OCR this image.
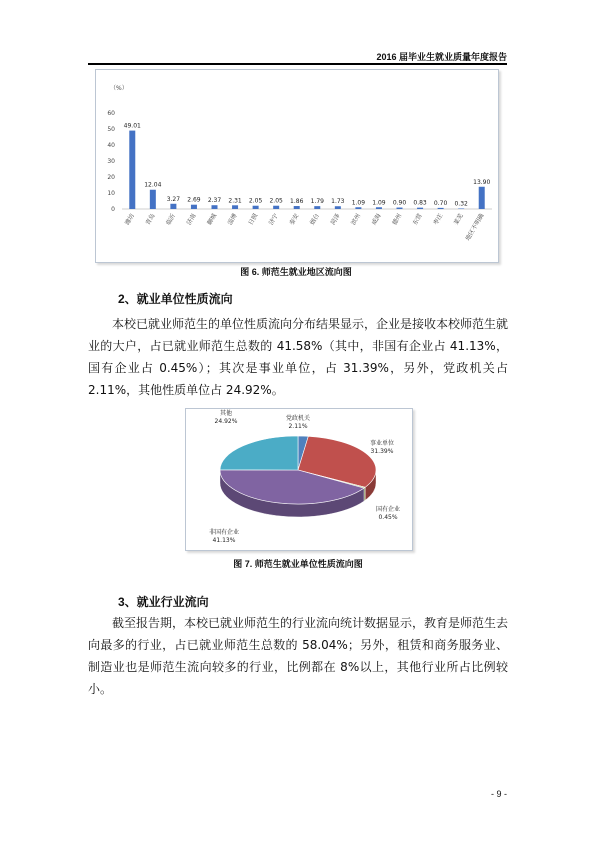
2016 届毕业生就业质量年度报告
（%）
0
10
20
30
40
50
60
49.01
潍坊
12.04
青岛
3.27
临沂
2.69
济南
2.37
聊城
2.31
淄博
2.05
日照
2.05
济宁
1.86
泰安
1.79
烟台
1.73
菏泽
1.09
滨州
1.09
威海
0.90
德州
0.83
东营
0.70
枣庄
0.32
莱芜
13.90
地区不明确
图 6. 师范生就业地区流向图
2、就业单位性质流向

本校已就业师范生的单位性质流向分布结果显示，企业是接收本校师范生就业的大户，占已就业师范生总数的 41.58%（其中，非国有企业占 41.13%，国有企业占 0.45%）；其次是事业单位，占 31.39%，另外，党政机关占 2.11%，其他性质单位占 24.92%。

党政机关
2.11%
事业单位
31.39%
国有企业
0.45%
非国有企业
41.13%
其他
24.92%
图 7. 师范生就业单位性质流向图
3、就业行业流向

截至报告期，本校已就业师范生的行业流向统计数据显示，教育是师范生去向最多的行业，占已就业师范生总数的 58.04%；另外，租赁和商务服务业、制造业也是师范生流向较多的行业，比例都在 8%以上，其他行业所占比例较小。

- 9 -
